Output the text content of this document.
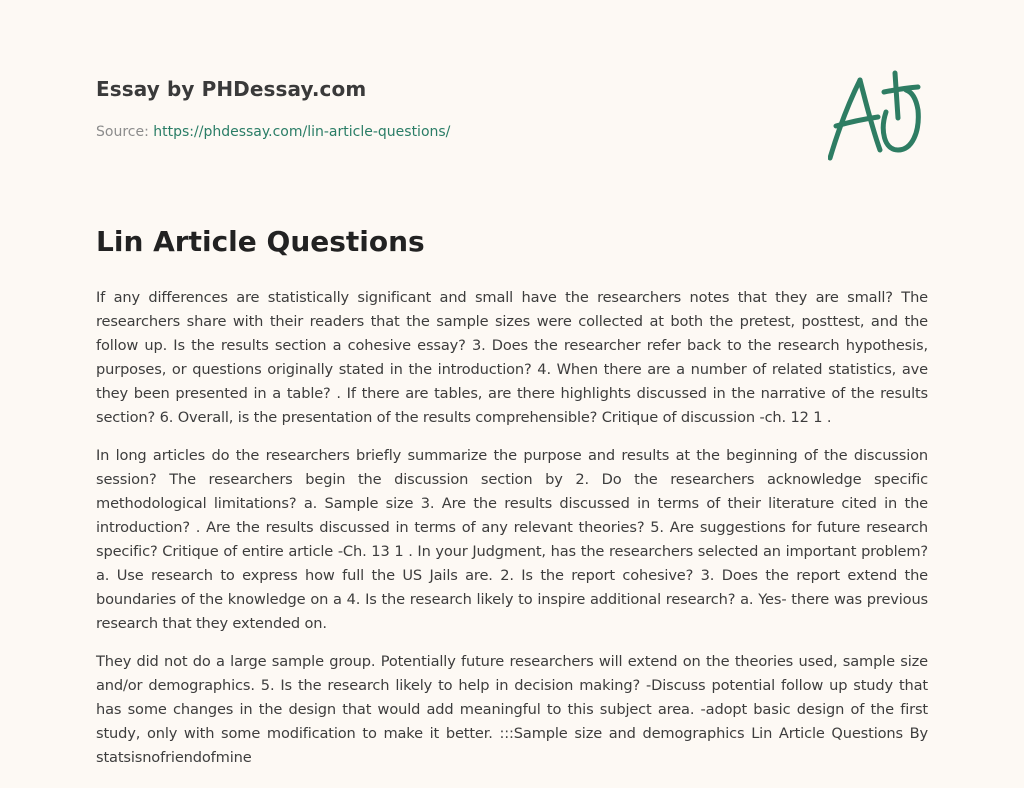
Essay by PHDessay.com
Source: https://phdessay.com/lin-article-questions/
Lin Article Questions

If any differences are statistically significant and small have the researchers notes that they are small? The researchers share with their readers that the sample sizes were collected at both the pretest, posttest, and the follow up. Is the results section a cohesive essay? 3. Does the researcher refer back to the research hypothesis, purposes, or questions originally stated in the introduction? 4. When there are a number of related statistics, ave they been presented in a table? . If there are tables, are there highlights discussed in the narrative of the results section? 6. Overall, is the presentation of the results comprehensible? Critique of discussion -ch. 12 1 .

In long articles do the researchers briefly summarize the purpose and results at the beginning of the discussion session? The researchers begin the discussion section by 2. Do the researchers acknowledge specific methodological limitations? a. Sample size 3. Are the results discussed in terms of their literature cited in the introduction? . Are the results discussed in terms of any relevant theories? 5. Are suggestions for future research specific? Critique of entire article -Ch. 13 1 . In your Judgment, has the researchers selected an important problem? a. Use research to express how full the US Jails are. 2. Is the report cohesive? 3. Does the report extend the boundaries of the knowledge on a 4. Is the research likely to inspire additional research? a. Yes- there was previous research that they extended on.

They did not do a large sample group. Potentially future researchers will extend on the theories used, sample size and/or demographics. 5. Is the research likely to help in decision making? -Discuss potential follow up study that has some changes in the design that would add meaningful to this subject area. -adopt basic design of the first study, only with some modification to make it better. :::Sample size and demographics Lin Article Questions By statsisnofriendofmine
